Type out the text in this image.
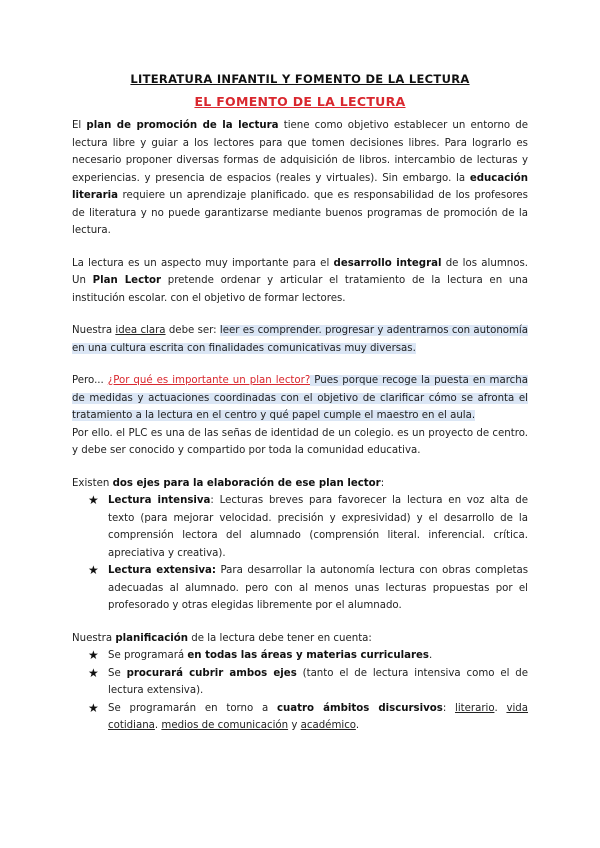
LITERATURA INFANTIL Y FOMENTO DE LA LECTURA
EL FOMENTO DE LA LECTURA

El plan de promoción de la lectura tiene como objetivo establecer un entorno de lectura libre y guiar a los lectores para que tomen decisiones libres. Para lograrlo es necesario proponer diversas formas de adquisición de libros. intercambio de lecturas y experiencias. y presencia de espacios (reales y virtuales). Sin embargo. la educación literaria requiere un aprendizaje planificado. que es responsabilidad de los profesores de literatura y no puede garantizarse mediante buenos programas de promoción de la lectura.

La lectura es un aspecto muy importante para el desarrollo integral de los alumnos. Un Plan Lector pretende ordenar y articular el tratamiento de la lectura en una institución escolar. con el objetivo de formar lectores.

Nuestra idea clara debe ser: leer es comprender. progresar y adentrarnos con autonomía en una cultura escrita con finalidades comunicativas muy diversas.

Pero... ¿Por qué es importante un plan lector? Pues porque recoge la puesta en marcha de medidas y actuaciones coordinadas con el objetivo de clarificar cómo se afronta el tratamiento a la lectura en el centro y qué papel cumple el maestro en el aula.

Por ello. el PLC es una de las señas de identidad de un colegio. es un proyecto de centro. y debe ser conocido y compartido por toda la comunidad educativa.

Existen dos ejes para la elaboración de ese plan lector:

★ Lectura intensiva: Lecturas breves para favorecer la lectura en voz alta de texto (para mejorar velocidad. precisión y expresividad) y el desarrollo de la comprensión lectora del alumnado (comprensión literal. inferencial. crítica. apreciativa y creativa).
★ Lectura extensiva: Para desarrollar la autonomía lectura con obras completas adecuadas al alumnado. pero con al menos unas lecturas propuestas por el profesorado y otras elegidas libremente por el alumnado.

Nuestra planificación de la lectura debe tener en cuenta:

★ Se programará en todas las áreas y materias curriculares.
★ Se procurará cubrir ambos ejes (tanto el de lectura intensiva como el de lectura extensiva).
★ Se programarán en torno a cuatro ámbitos discursivos: literario. vida cotidiana. medios de comunicación y académico.
